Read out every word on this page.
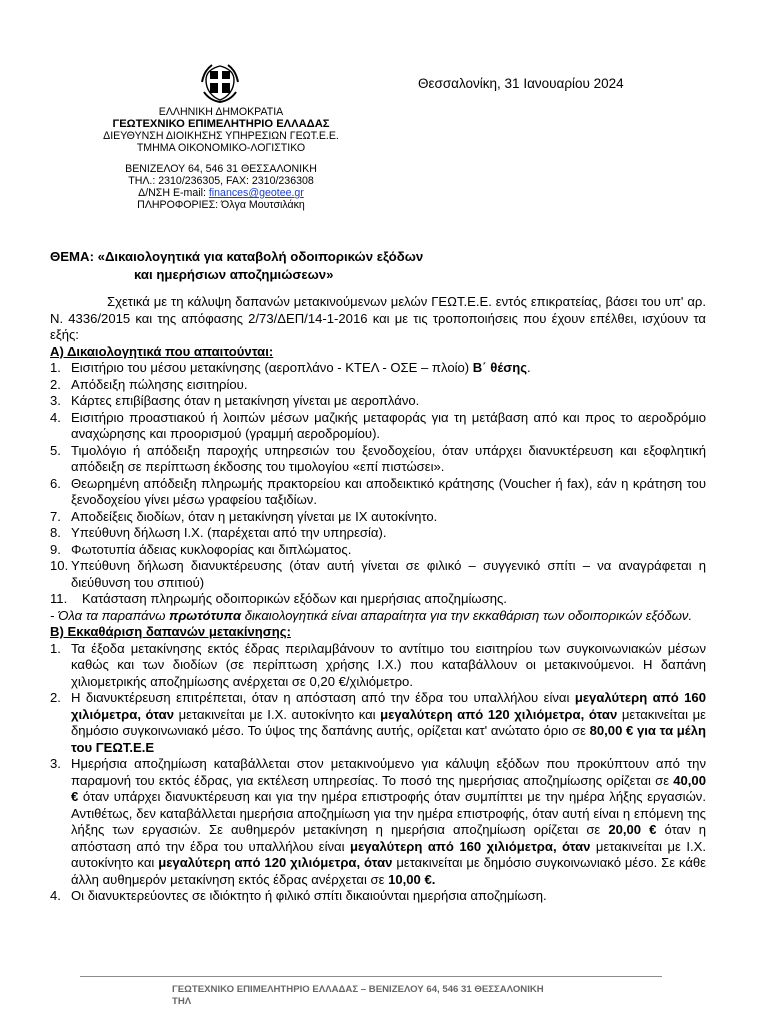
Θεσσαλονίκη, 31 Ιανουαρίου 2024
ΕΛΛΗΝΙΚΗ ΔΗΜΟΚΡΑΤΙΑ
ΓΕΩΤΕΧΝΙΚΟ ΕΠΙΜΕΛΗΤΗΡΙΟ ΕΛΛΑΔΑΣ
ΔΙΕΥΘΥΝΣΗ ΔΙΟΙΚΗΣΗΣ ΥΠΗΡΕΣΙΩΝ ΓΕΩΤ.Ε.Ε.
ΤΜΗΜΑ ΟΙΚΟΝΟΜΙΚΟ-ΛΟΓΙΣΤΙΚΟ
ΒΕΝΙΖΕΛΟΥ 64, 546 31 ΘΕΣΣΑΛΟΝΙΚΗ
ΤΗΛ.: 2310/236305, FAX: 2310/236308
Δ/ΝΣΗ E-mail: finances@geotee.gr
ΠΛΗΡΟΦΟΡΙΕΣ: Όλγα Μουτσιλάκη
ΘΕΜΑ: «Δικαιολογητικά για καταβολή οδοιπορικών εξόδων
και ημερήσιων αποζημιώσεων»

Σχετικά με τη κάλυψη δαπανών μετακινούμενων μελών ΓΕΩΤ.Ε.Ε. εντός επικρατείας, βάσει του υπ' αρ. Ν. 4336/2015 και της απόφασης 2/73/ΔΕΠ/14-1-2016 και με τις τροποποιήσεις που έχουν επέλθει, ισχύουν τα εξής:

Α) Δικαιολογητικά που απαιτούνται:

1. Εισιτήριο του μέσου μετακίνησης (αεροπλάνο - ΚΤΕΛ - ΟΣΕ – πλοίο) Β΄ θέσης.
2. Απόδειξη πώλησης εισιτηρίου.
3. Κάρτες επιβίβασης όταν η μετακίνηση γίνεται με αεροπλάνο.
4. Εισιτήριο προαστιακού ή λοιπών μέσων μαζικής μεταφοράς για τη μετάβαση από και προς το αεροδρόμιο αναχώρησης και προορισμού (γραμμή αεροδρομίου).
5. Τιμολόγιο ή απόδειξη παροχής υπηρεσιών του ξενοδοχείου, όταν υπάρχει διανυκτέρευση και εξοφλητική απόδειξη σε περίπτωση έκδοσης του τιμολογίου «επί πιστώσει».
6. Θεωρημένη απόδειξη πληρωμής πρακτορείου και αποδεικτικό κράτησης (Voucher ή fax), εάν η κράτηση του ξενοδοχείου γίνει μέσω γραφείου ταξιδίων.
7. Αποδείξεις διοδίων, όταν η μετακίνηση γίνεται με ΙΧ αυτοκίνητο.
8. Υπεύθυνη δήλωση Ι.Χ. (παρέχεται από την υπηρεσία).
9. Φωτοτυπία άδειας κυκλοφορίας και διπλώματος.
10. Υπεύθυνη δήλωση διανυκτέρευσης (όταν αυτή γίνεται σε φιλικό – συγγενικό σπίτι – να αναγράφεται η διεύθυνση του σπιτιού)
11. Κατάσταση πληρωμής οδοιπορικών εξόδων και ημερήσιας αποζημίωσης.

- Όλα τα παραπάνω πρωτότυπα δικαιολογητικά είναι απαραίτητα για την εκκαθάριση των οδοιπορικών εξόδων.

Β) Εκκαθάριση δαπανών μετακίνησης:

1. Τα έξοδα μετακίνησης εκτός έδρας περιλαμβάνουν το αντίτιμο του εισιτηρίου των συγκοινωνιακών μέσων καθώς και των διοδίων (σε περίπτωση χρήσης Ι.Χ.) που καταβάλλουν οι μετακινούμενοι. Η δαπάνη χιλιομετρικής αποζημίωσης ανέρχεται σε 0,20 €/χιλιόμετρο.
2. Η διανυκτέρευση επιτρέπεται, όταν η απόσταση από την έδρα του υπαλλήλου είναι μεγαλύτερη από 160 χιλιόμετρα, όταν μετακινείται με Ι.Χ. αυτοκίνητο και μεγαλύτερη από 120 χιλιόμετρα, όταν μετακινείται με δημόσιο συγκοινωνιακό μέσο. Το ύψος της δαπάνης αυτής, ορίζεται κατ' ανώτατο όριο σε 80,00 € για τα μέλη του ΓΕΩΤ.Ε.Ε
3. Ημερήσια αποζημίωση καταβάλλεται στον μετακινούμενο για κάλυψη εξόδων που προκύπτουν από την παραμονή του εκτός έδρας, για εκτέλεση υπηρεσίας. Το ποσό της ημερήσιας αποζημίωσης ορίζεται σε 40,00 € όταν υπάρχει διανυκτέρευση και για την ημέρα επιστροφής όταν συμπίπτει με την ημέρα λήξης εργασιών. Αντιθέτως, δεν καταβάλλεται ημερήσια αποζημίωση για την ημέρα επιστροφής, όταν αυτή είναι η επόμενη της λήξης των εργασιών. Σε αυθημερόν μετακίνηση η ημερήσια αποζημίωση ορίζεται σε 20,00 € όταν η απόσταση από την έδρα του υπαλλήλου είναι μεγαλύτερη από 160 χιλιόμετρα, όταν μετακινείται με Ι.Χ. αυτοκίνητο και μεγαλύτερη από 120 χιλιόμετρα, όταν μετακινείται με δημόσιο συγκοινωνιακό μέσο. Σε κάθε άλλη αυθημερόν μετακίνηση εκτός έδρας ανέρχεται σε 10,00 €.
4. Οι διανυκτερεύοντες σε ιδιόκτητο ή φιλικό σπίτι δικαιούνται ημερήσια αποζημίωση.
ΓΕΩΤΕΧΝΙΚΟ ΕΠΙΜΕΛΗΤΗΡΙΟ ΕΛΛΑΔΑΣ – ΒΕΝΙΖΕΛΟΥ 64, 546 31 ΘΕΣΣΑΛΟΝΙΚΗ
ΤΗΛ
